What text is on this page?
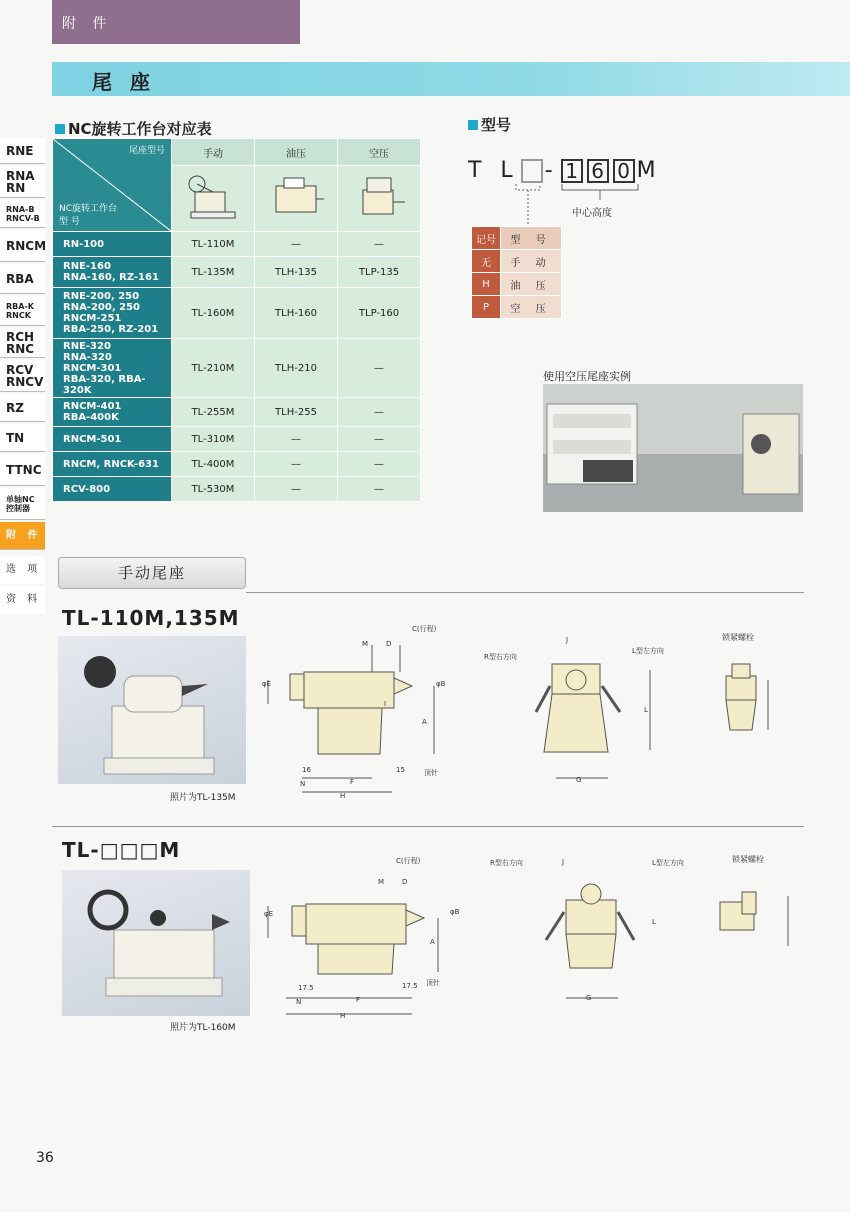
附 件
尾座
RNE
RNA
RN
RNA-B
RNCV-B
RNCM
RBA
RBA-K
RNCK
RCH
RNC
RCV
RNCV
RZ
TN
TTNC
单轴NC
控制器
附 件
选 项
资 料
NC旋转工作台对应表
尾座型号
NC旋转工作台
型 号	手动	油压	空压

RN-100	TL-110M	—	—
RNE-160
RNA-160, RZ-161	TL-135M	TLH-135	TLP-135
RNE-200, 250
RNA-200, 250
RNCM-251
RBA-250, RZ-201	TL-160M	TLH-160	TLP-160
RNE-320
RNA-320
RNCM-301
RBA-320, RBA-320K	TL-210M	TLH-210	—
RNCM-401
RBA-400K	TL-255M	TLH-255	—
RNCM-501	TL-310M	—	—
RNCM, RNCK-631	TL-400M	—	—
RCV-800	TL-530M	—	—
型号
T L - 1 6 0 M
中心高度
记号	型 号
无	手 动
H	油 压
P	空 压
使用空压尾座实例
手动尾座
TL-110M,135M
照片为TL-135M
M	D
C(行程)
φE	φB
A
I
16	15
N	F
H
顶针
R型右方向
L型左方向
J
G
L
锁紧螺栓
TL-□□□M
照片为TL-160M
M	D
C(行程)
φE	φB
A
17.5	17.5
N	F
H
顶针
R型右方向	L型左方向
J
G
L
锁紧螺栓
36
